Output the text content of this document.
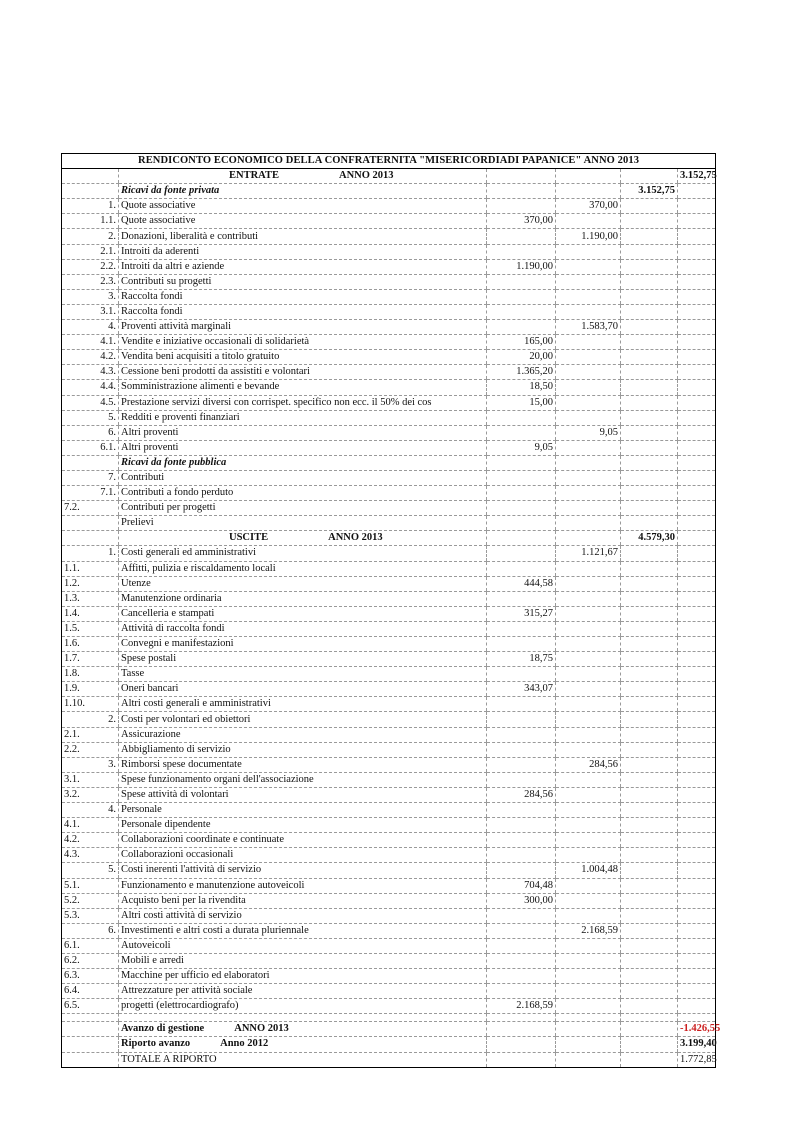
RENDICONTO ECONOMICO DELLA CONFRATERNITA "MISERICORDIADI PAPANICE" ANNO 2013					
	ENTRATE ANNO 2013				3.152,75
	Ricavi da fonte privata			3.152,75	
1.	Quote associative		370,00		
1.1.	Quote associative	370,00			
2.	Donazioni, liberalità e contributi		1.190,00		
2.1.	Introiti da aderenti				
2.2.	Introiti da altri e aziende	1.190,00			
2.3.	Contributi su progetti				
3.	Raccolta fondi				
3.1.	Raccolta fondi				
4.	Proventi attività marginali		1.583,70		
4.1.	Vendite e iniziative occasionali di solidarietà	165,00			
4.2.	Vendita beni acquisiti a titolo gratuito	20,00			
4.3.	Cessione beni prodotti da assistiti e volontari	1.365,20			
4.4.	Somministrazione alimenti e bevande	18,50			
4.5.	Prestazione servizi diversi con corrispet. specifico non ecc. il 50% dei cos	15,00			
5.	Redditi e proventi finanziari				
6.	Altri proventi		9,05		
6.1.	Altri proventi	9,05			
	Ricavi da fonte pubblica				
7.	Contributi				
7.1.	Contributi a fondo perduto				
7.2.	Contributi per progetti				
	Prelievi				
	USCITE ANNO 2013			4.579,30	
1.	Costi generali ed amministrativi		1.121,67		
1.1.	Affitti, pulizia e riscaldamento locali				
1.2.	Utenze	444,58			
1.3.	Manutenzione ordinaria				
1.4.	Cancelleria e stampati	315,27			
1.5.	Attività di raccolta fondi				
1.6.	Convegni e manifestazioni				
1.7.	Spese postali	18,75			
1.8.	Tasse				
1.9.	Oneri bancari	343,07			
1.10.	Altri costi generali e amministrativi				
2.	Costi per volontari ed obiettori				
2.1.	Assicurazione				
2.2.	Abbigliamento di servizio				
3.	Rimborsi spese documentate		284,56		
3.1.	Spese funzionamento organi dell'associazione				
3.2.	Spese attività di volontari	284,56			
4.	Personale				
4.1.	Personale dipendente				
4.2.	Collaborazioni coordinate e continuate				
4.3.	Collaborazioni occasionali				
5.	Costi inerenti l'attività di servizio		1.004,48		
5.1.	Funzionamento e manutenzione autoveicoli	704,48			
5.2.	Acquisto beni per la rivendita	300,00			
5.3.	Altri costi attività di servizio				
6.	Investimenti e altri costi a durata pluriennale		2.168,59		
6.1.	Autoveicoli				
6.2.	Mobili e arredi				
6.3.	Macchine per ufficio ed elaboratori				
6.4.	Attrezzature per attività sociale				
6.5.	progetti (elettrocardiografo)	2.168,59			

	Avanzo di gestione ANNO 2013				-1.426,55
	Riporto avanzo Anno 2012				3.199,40
	TOTALE A RIPORTO				1.772,85
